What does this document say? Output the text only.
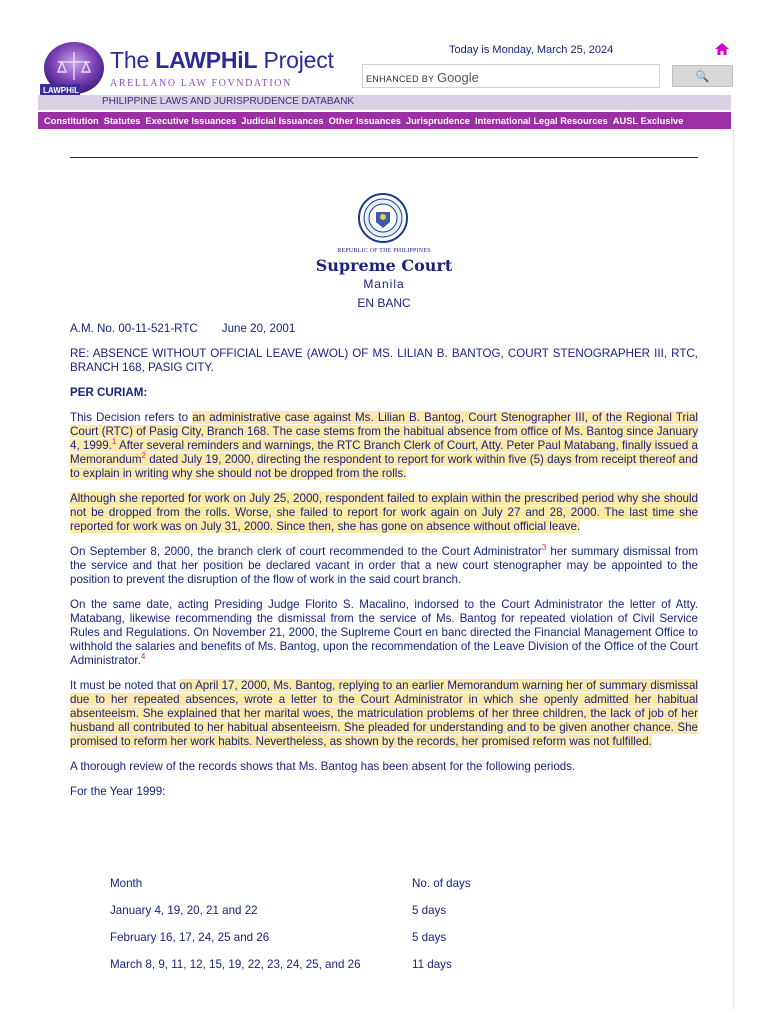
LAWPHiL
The LAWPHiL Project
ARELLANO LAW FOVNDATION
PHILIPPINE LAWS AND JURISPRUDENCE DATABANK
Today is Monday, March 25, 2024
ENHANCED BY Google	🔍
Constitution Statutes Executive Issuances Judicial Issuances Other Issuances Jurisprudence International Legal Resources AUSL Exclusive
REPUBLIC OF THE PHILIPPINES
Supreme Court
Manila
EN BANC

A.M. No. 00-11-521-RTC June 20, 2001

RE: ABSENCE WITHOUT OFFICIAL LEAVE (AWOL) OF MS. LILIAN B. BANTOG, COURT STENOGRAPHER III, RTC, BRANCH 168, PASIG CITY.

PER CURIAM:

This Decision refers to an administrative case against Ms. Lilian B. Bantog, Court Stenographer III, of the Regional Trial Court (RTC) of Pasig City, Branch 168. The case stems from the habitual absence from office of Ms. Bantog since January 4, 1999.$^1$ After several reminders and warnings, the RTC Branch Clerk of Court, Atty. Peter Paul Matabang, finally issued a Memorandum$^2$ dated July 19, 2000, directing the respondent to report for work within five (5) days from receipt thereof and to explain in writing why she should not be dropped from the rolls.

Although she reported for work on July 25, 2000, respondent failed to explain within the prescribed period why she should not be dropped from the rolls. Worse, she failed to report for work again on July 27 and 28, 2000. The last time she reported for work was on July 31, 2000. Since then, she has gone on absence without official leave.

On September 8, 2000, the branch clerk of court recommended to the Court Administrator$^3$ her summary dismissal from the service and that her position be declared vacant in order that a new court stenographer may be appointed to the position to prevent the disruption of the flow of work in the said court branch.

On the same date, acting Presiding Judge Florito S. Macalino, indorsed to the Court Administrator the letter of Atty. Matabang, likewise recommending the dismissal from the service of Ms. Bantog for repeated violation of Civil Service Rules and Regulations. On November 21, 2000, the Suplreme Court en banc directed the Financial Management Office to withhold the salaries and benefits of Ms. Bantog, upon the recommendation of the Leave Division of the Office of the Court Administrator.$^4$

It must be noted that on April 17, 2000, Ms. Bantog, replying to an earlier Memorandum warning her of summary dismissal due to her repeated absences, wrote a letter to the Court Administrator in which she openly admitted her habitual absenteeism. She explained that her marital woes, the matriculation problems of her three children, the lack of job of her husband all contributed to her habitual absenteeism. She pleaded for understanding and to be given another chance. She promised to reform her work habits. Nevertheless, as shown by the records, her promised reform was not fulfilled.

A thorough review of the records shows that Ms. Bantog has been absent for the following periods.

For the Year 1999:

Month	No. of days
January 4, 19, 20, 21 and 22	5 days
February 16, 17, 24, 25 and 26	5 days
March 8, 9, 11, 12, 15, 19, 22, 23, 24, 25, and 26	11 days
